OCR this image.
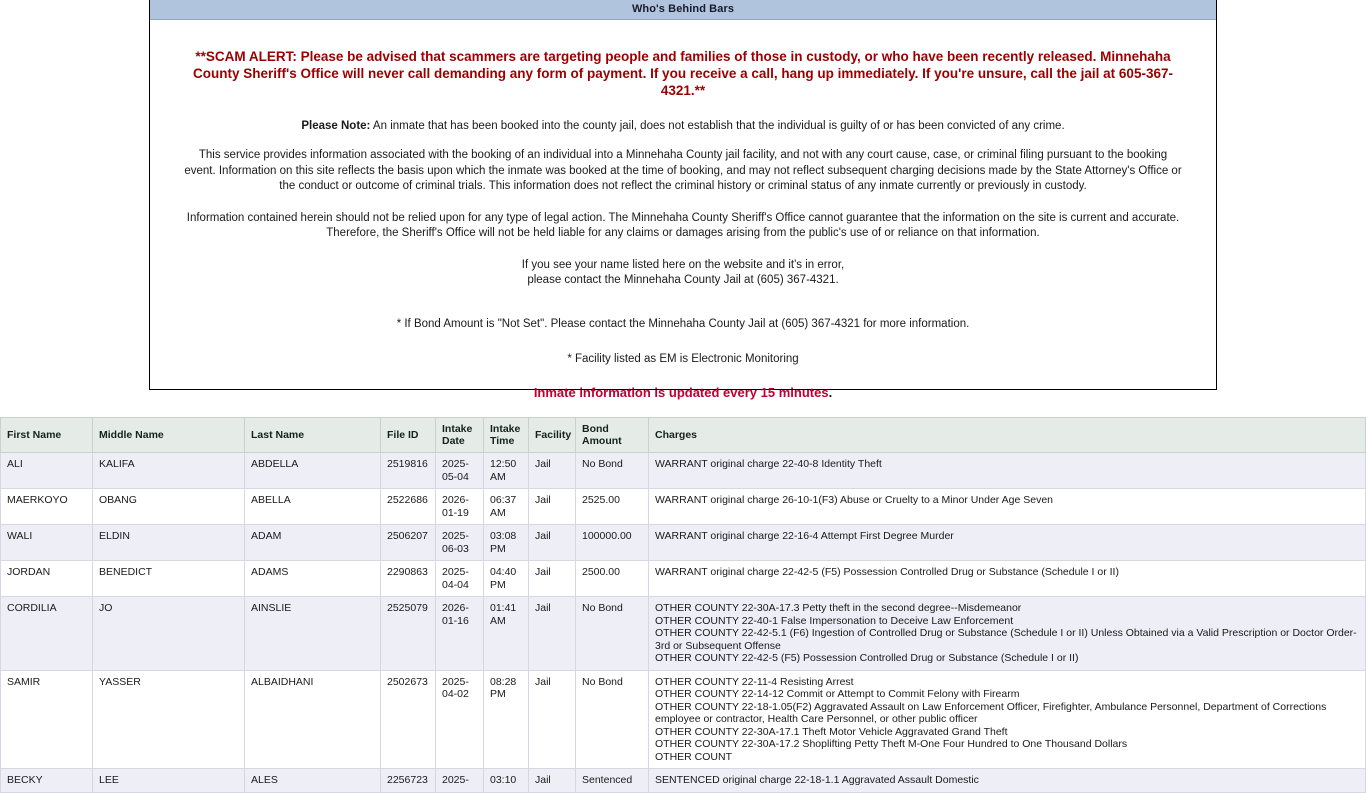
Who's Behind Bars
**SCAM ALERT: Please be advised that scammers are targeting people and families of those in custody, or who have been recently released. Minnehaha County Sheriff's Office will never call demanding any form of payment. If you receive a call, hang up immediately. If you're unsure, call the jail at 605-367-4321.**
Please Note: An inmate that has been booked into the county jail, does not establish that the individual is guilty of or has been convicted of any crime.
This service provides information associated with the booking of an individual into a Minnehaha County jail facility, and not with any court cause, case, or criminal filing pursuant to the booking event. Information on this site reflects the basis upon which the inmate was booked at the time of booking, and may not reflect subsequent charging decisions made by the State Attorney's Office or the conduct or outcome of criminal trials. This information does not reflect the criminal history or criminal status of any inmate currently or previously in custody.
Information contained herein should not be relied upon for any type of legal action. The Minnehaha County Sheriff's Office cannot guarantee that the information on the site is current and accurate. Therefore, the Sheriff's Office will not be held liable for any claims or damages arising from the public's use of or reliance on that information.
If you see your name listed here on the website and it's in error,
please contact the Minnehaha County Jail at (605) 367-4321.
* If Bond Amount is "Not Set". Please contact the Minnehaha County Jail at (605) 367-4321 for more information.
* Facility listed as EM is Electronic Monitoring
Inmate information is updated every 15 minutes.
First Name	Middle Name	Last Name	File ID	Intake Date	Intake Time	Facility	Bond Amount	Charges
ALI	KALIFA	ABDELLA	2519816	2025-05-04	12:50 AM	Jail	No Bond	WARRANT original charge 22-40-8 Identity Theft

MAERKOYO	OBANG	ABELLA	2522686	2026-01-19	06:37 AM	Jail	2525.00	WARRANT original charge 26-10-1(F3) Abuse or Cruelty to a Minor Under Age Seven

WALI	ELDIN	ADAM	2506207	2025-06-03	03:08 PM	Jail	100000.00	WARRANT original charge 22-16-4 Attempt First Degree Murder

JORDAN	BENEDICT	ADAMS	2290863	2025-04-04	04:40 PM	Jail	2500.00	WARRANT original charge 22-42-5 (F5) Possession Controlled Drug or Substance (Schedule I or II)

CORDILIA	JO	AINSLIE	2525079	2026-01-16	01:41 AM	Jail	No Bond	OTHER COUNTY 22-30A-17.3 Petty theft in the second degree--Misdemeanor
OTHER COUNTY 22-40-1 False Impersonation to Deceive Law Enforcement
OTHER COUNTY 22-42-5.1 (F6) Ingestion of Controlled Drug or Substance (Schedule I or II) Unless Obtained via a Valid Prescription or Doctor Order-3rd or Subsequent Offense
OTHER COUNTY 22-42-5 (F5) Possession Controlled Drug or Substance (Schedule I or II)

SAMIR	YASSER	ALBAIDHANI	2502673	2025-04-02	08:28 PM	Jail	No Bond	OTHER COUNTY 22-11-4 Resisting Arrest
OTHER COUNTY 22-14-12 Commit or Attempt to Commit Felony with Firearm
OTHER COUNTY 22-18-1.05(F2) Aggravated Assault on Law Enforcement Officer, Firefighter, Ambulance Personnel, Department of Corrections employee or contractor, Health Care Personnel, or other public officer
OTHER COUNTY 22-30A-17.1 Theft Motor Vehicle Aggravated Grand Theft
OTHER COUNTY 22-30A-17.2 Shoplifting Petty Theft M-One Four Hundred to One Thousand Dollars
OTHER COUNT

BECKY	LEE	ALES	2256723	2025-	03:10	Jail	Sentenced	SENTENCED original charge 22-18-1.1 Aggravated Assault Domestic
